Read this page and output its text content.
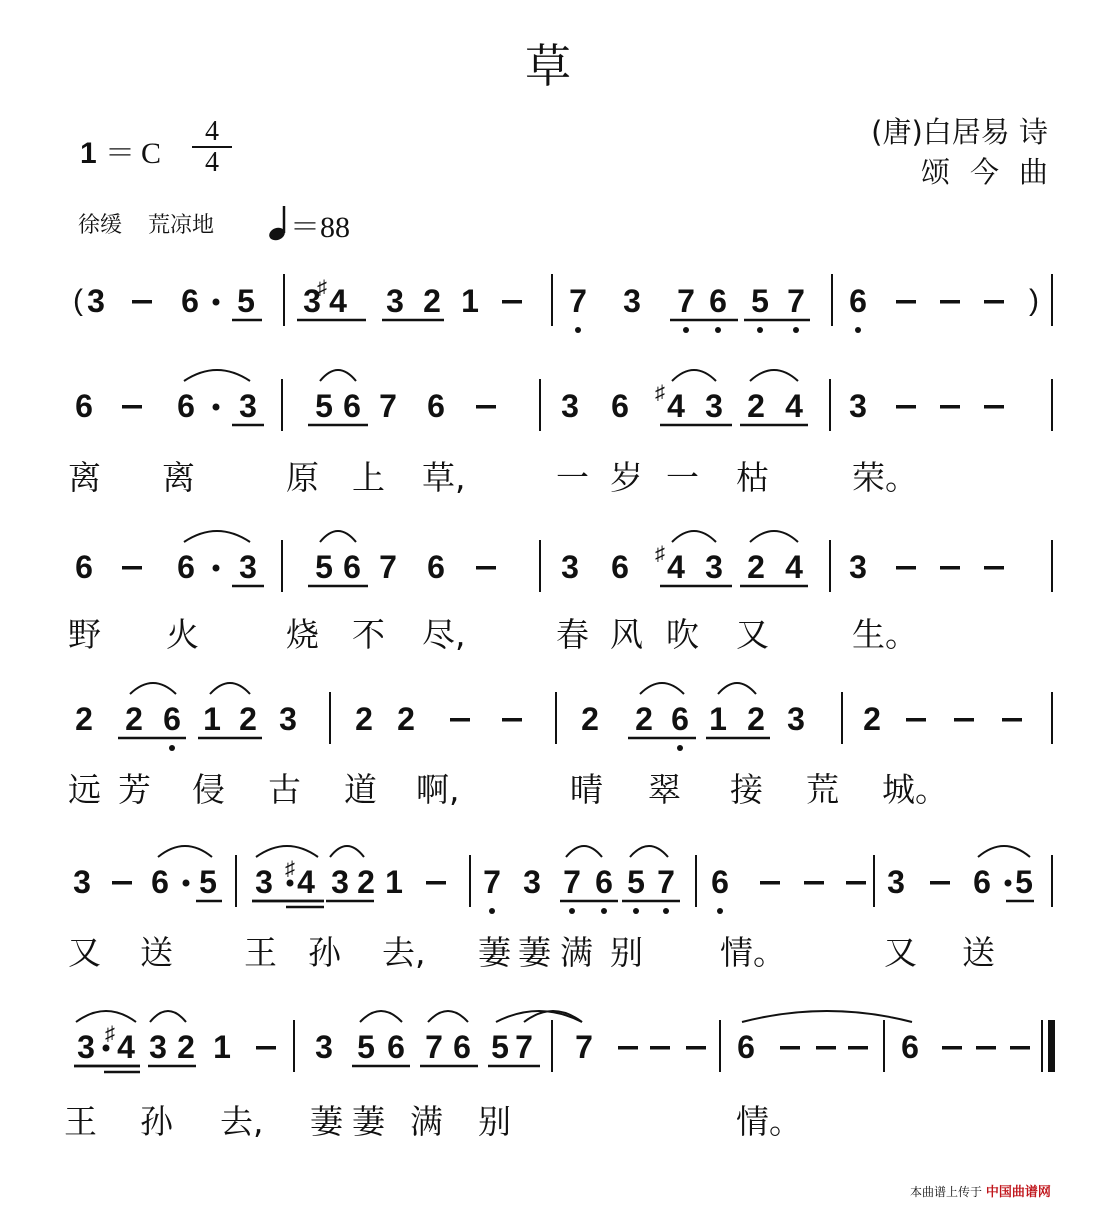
草
1 ＝ C
4
4
(唐)白居易 诗
颂今曲
徐缓 荒凉地	＝88
3 6 5 3
♯ 4 3 2 1	7 3 7 6 5 7 6
(	)
6	6 3 5 6 7 6	3 6 ♯ 4 3 2 4 3
6	6 3 5 6 7 6	3 6 ♯ 4 3 2 4 3
2 2 6 1 2 3 2 2	2 2 6 1 2 3 2
3 6 5 3 ♯ 4 3 2 1	7 3 7 6 5 7 6	3 6 5
3 ♯ 4 3 2 1	3 5 6 7 6 5 7 7	6	6
离 离	原 上 草,	一 岁 一 枯	荣。
野 火	烧 不 尽,	春 风 吹 又	生。
远 芳 侵 古 道 啊,	晴 翠 接 荒 城。
又 送 王 孙 去, 萋 萋 满 别 情。	又 送
王 孙 去, 萋 萋 满 别	情。
本曲谱上传于 中国曲谱网
